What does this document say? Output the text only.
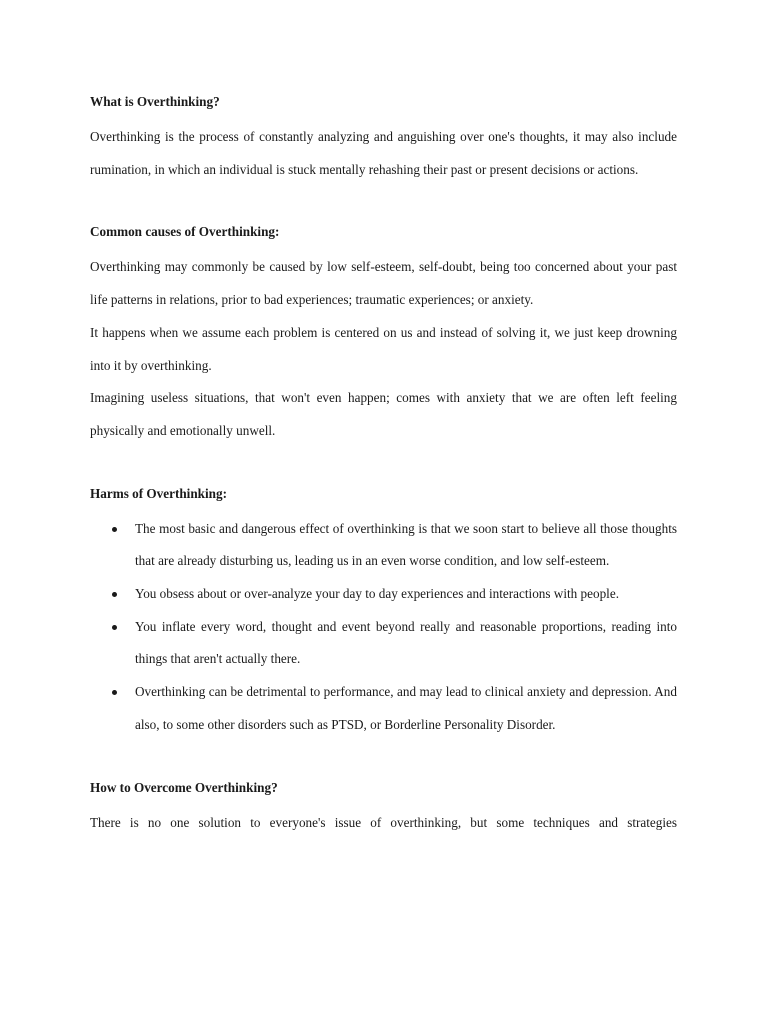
What is Overthinking?

Overthinking is the process of constantly analyzing and anguishing over one's thoughts, it may also include rumination, in which an individual is stuck mentally rehashing their past or present decisions or actions.

Common causes of Overthinking:

Overthinking may commonly be caused by low self-esteem, self-doubt, being too concerned about your past life patterns in relations, prior to bad experiences; traumatic experiences; or anxiety.

It happens when we assume each problem is centered on us and instead of solving it, we just keep drowning into it by overthinking.

Imagining useless situations, that won't even happen; comes with anxiety that we are often left feeling physically and emotionally unwell.

Harms of Overthinking:
The most basic and dangerous effect of overthinking is that we soon start to believe all those thoughts that are already disturbing us, leading us in an even worse condition, and low self-esteem.
You obsess about or over-analyze your day to day experiences and interactions with people.
You inflate every word, thought and event beyond really and reasonable proportions, reading into things that aren't actually there.
Overthinking can be detrimental to performance, and may lead to clinical anxiety and depression. And also, to some other disorders such as PTSD, or Borderline Personality Disorder.
How to Overcome Overthinking?

There is no one solution to everyone's issue of overthinking, but some techniques and strategies
